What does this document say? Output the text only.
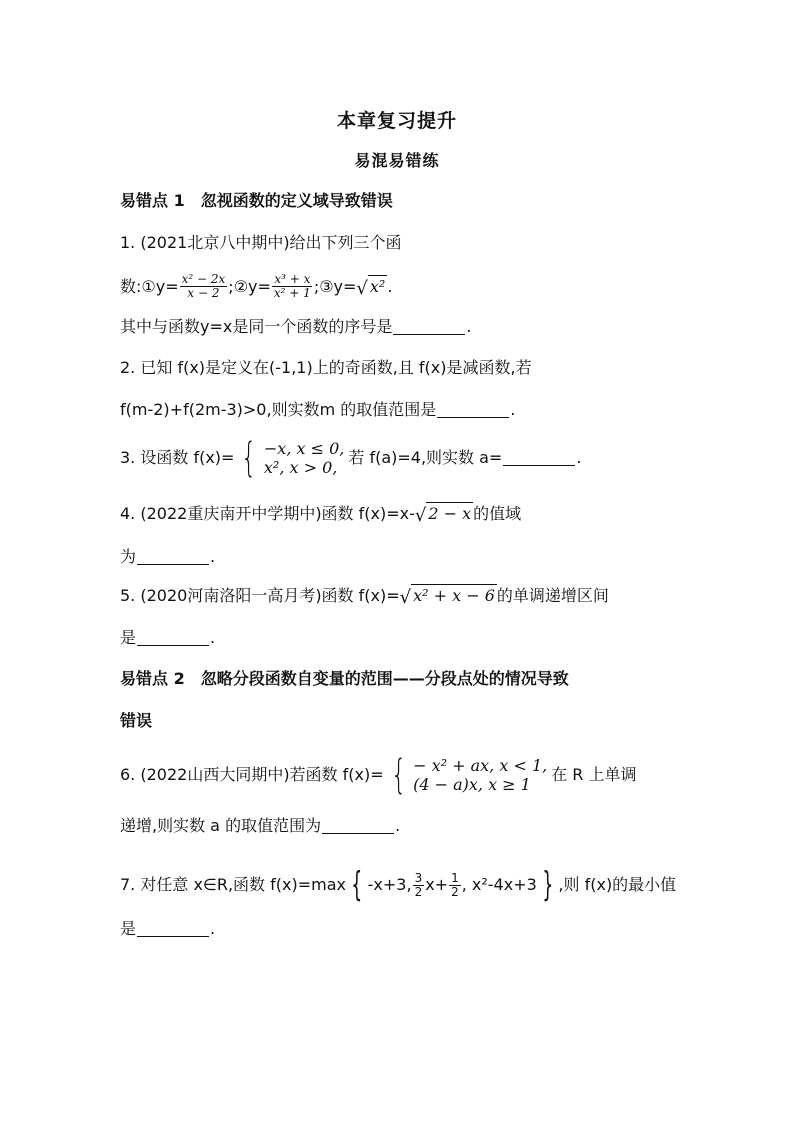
本章复习提升
易混易错练
易错点 1　忽视函数的定义域导致错误
1. (2021北京八中期中)给出下列三个函
数:①y= $\frac{\text{x² − 2x}}{x - 2}$ ;②y= $\frac{\text{x³ + x}}{\text{x² + 1}}$ ;③y= √ x² .
其中与函数y=x是同一个函数的序号是	.
2. 已知 f(x)是定义在(-1,1)上的奇函数,且 f(x)是减函数,若
f(m-2)+f(2m-3)>0,则实数m 的取值范围是	.
3. 设函数 f(x)= { −x, x ≤ 0,
x², x > 0,
若 f(a)=4,则实数 a=	.
4. (2022重庆南开中学期中)函数 f(x)=x- √ 2 − x 的值域
为	.
5. (2020河南洛阳一高月考)函数 f(x)= √ x² + x − 6 的单调递增区间
是	.
易错点 2　忽略分段函数自变量的范围——分段点处的情况导致
错误
6. (2022山西大同期中)若函数 f(x)= { − x² + ax, x < 1,
(4 − a)x, x ≥ 1
在 R 上单调
递增,则实数 a 的取值范围为	.
7. 对任意 x∈R,函数 f(x)=max { -x+3, $\frac{3}{2} x+ \frac{1}{2}$ , x²-4x+3 } ,则 f(x)的最小值
是	.
